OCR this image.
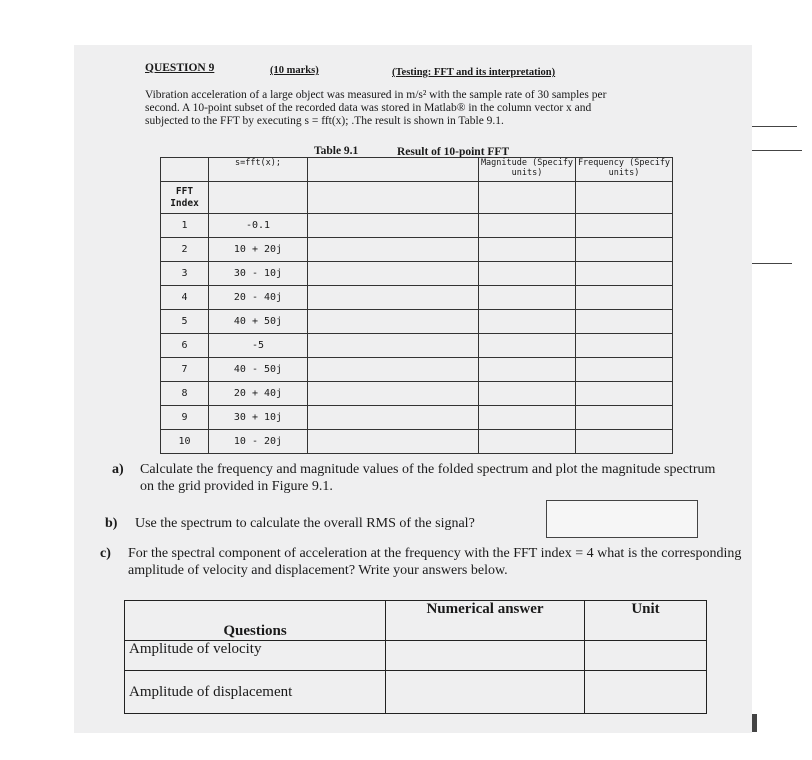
QUESTION 9	(10 marks)	(Testing: FFT and its interpretation)
Vibration acceleration of a large object was measured in m/s² with the sample rate of 30 samples per
second. A 10-point subset of the recorded data was stored in Matlab® in the column vector x and
subjected to the FFT by executing s = fft(x); .The result is shown in Table 9.1.
Table 9.1	Result of 10-point FFT
	s=fft(x);		Magnitude (Specify units)	Frequency (Specify units)
FFT Index				
1	-0.1			
2	10 + 20j			
3	30 - 10j			
4	20 - 40j			
5	40 + 50j			
6	-5			
7	40 - 50j			
8	20 + 40j			
9	30 + 10j			
10	10 - 20j			
a) Calculate the frequency and magnitude values of the folded spectrum and plot the magnitude spectrum on the grid provided in Figure 9.1.
b) Use the spectrum to calculate the overall RMS of the signal?
c) For the spectral component of acceleration at the frequency with the FFT index = 4 what is the corresponding amplitude of velocity and displacement? Write your answers below.
Questions	Numerical answer	Unit
Amplitude of velocity		
Amplitude of displacement		
